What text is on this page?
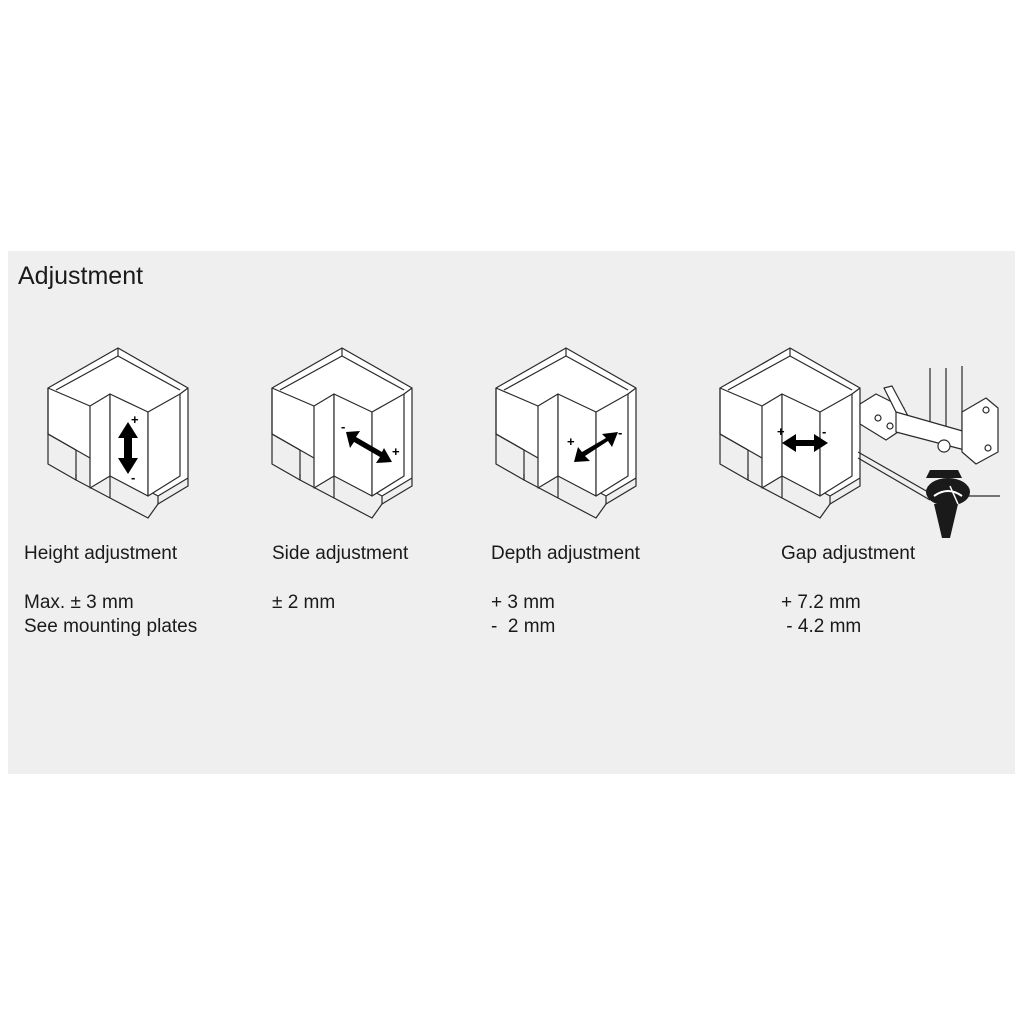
Adjustment
+
-
-
+
+
-	+	-
Height adjustment
Max. ± 3 mm
See mounting plates
Side adjustment
± 2 mm
Depth adjustment
+ 3 mm
-  2 mm
Gap adjustment
+ 7.2 mm
- 4.2 mm
